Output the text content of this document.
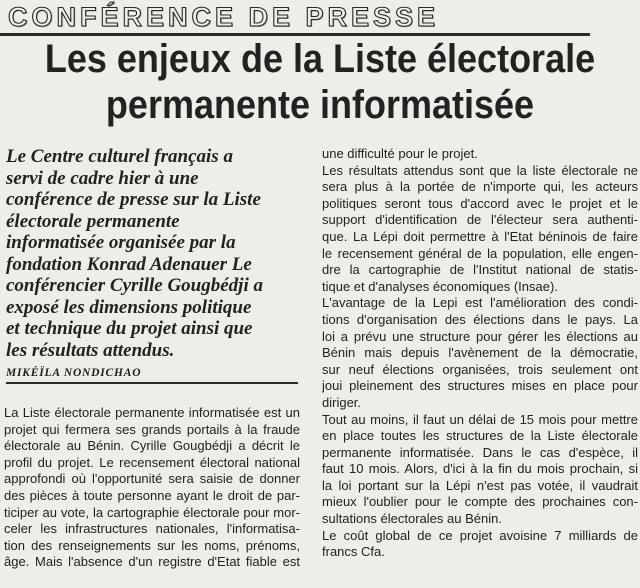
CONFÉRENCE DE PRESSE
Les enjeux de la Liste électorale
permanente informatisée
Le Centre culturel français a
servi de cadre hier à une
conférence de presse sur la Liste
électorale permanente
informatisée organisée par la
fondation Konrad Adenauer Le
conférencier Cyrille Gougbédji a
exposé les dimensions politique
et technique du projet ainsi que
les résultats attendus.
MIKÉÏLA NONDICHAO
La Liste électorale permanente informatisée est un
projet qui fermera ses grands portails à la fraude
électorale au Bénin. Cyrille Gougbédji a décrit le
profil du projet. Le recensement électoral national
approfondi où l'opportunité sera saisie de donner
des pièces à toute personne ayant le droit de par-
ticiper au vote, la cartographie électorale pour mor-
celer les infrastructures nationales, l'informatisa-
tion des renseignements sur les noms, prénoms,
âge. Mais l'absence d'un registre d'Etat fiable est
une difficulté pour le projet.
Les résultats attendus sont que la liste électorale ne
sera plus à la portée de n'importe qui, les acteurs
politiques seront tous d'accord avec le projet et le
support d'identification de l'électeur sera authenti-
que. La Lépi doit permettre à l'Etat béninois de faire
le recensement général de la population, elle engen-
dre la cartographie de l'Institut national de statis-
tique et d'analyses économiques (Insae).
L'avantage de la Lepi est l'amélioration des condi-
tions d'organisation des élections dans le pays. La
loi a prévu une structure pour gérer les élections au
Bénin mais depuis l'avènement de la démocratie,
sur neuf élections organisées, trois seulement ont
joui pleinement des structures mises en place pour
diriger.
Tout au moins, il faut un délai de 15 mois pour mettre
en place toutes les structures de la Liste électorale
permanente informatisée. Dans le cas d'espèce, il
faut 10 mois. Alors, d'ici à la fin du mois prochain, si
la loi portant sur la Lépi n'est pas votée, il vaudrait
mieux l'oublier pour le compte des prochaines con-
sultations électorales au Bénin.
Le coût global de ce projet avoisine 7 milliards de
francs Cfa.
